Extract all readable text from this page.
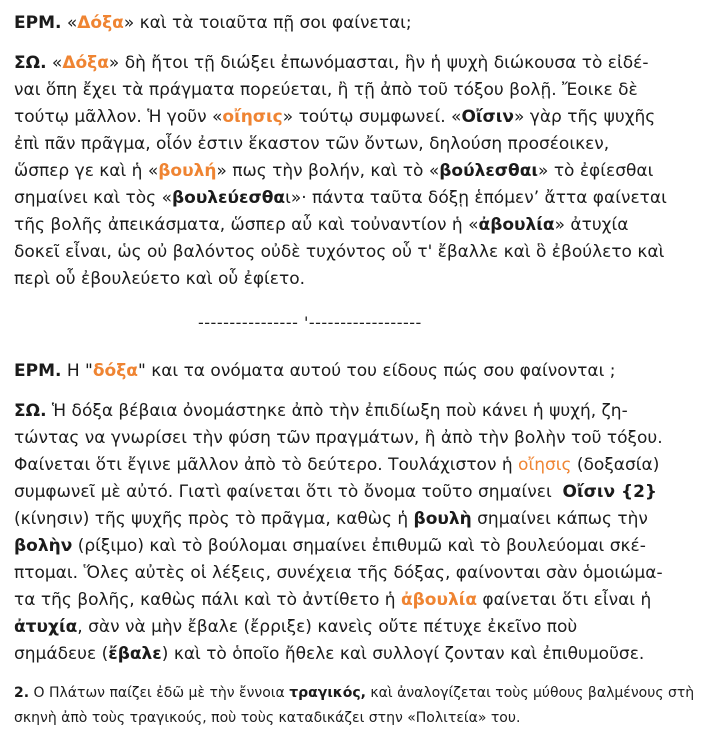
ΕΡΜ. «Δόξα» καὶ τὰ τοιαῦτα πῇ σοι φαίνεται;
ΣΩ. «Δόξα» δὴ ἤτοι τῇ διώξει ἐπωνόμασται, ἣν ἡ ψυχὴ διώκουσα τὸ εἰδέ-
ναι ὅπη ἔχει τὰ πράγματα πορεύεται, ἢ τῇ ἀπὸ τοῦ τόξου βολῇ. Ἔοικε δὲ
τούτῳ μᾶλλον. Ἡ γοῦν «οἴησις» τούτῳ συμφωνεί. «Οἴσιν» γὰρ τῆς ψυχῆς
ἐπὶ πᾶν πρᾶγμα, οἷόν ἐστιν ἕκαστον τῶν ὄντων, δηλούση προσέοικεν,
ὥσπερ γε καὶ ἡ «βουλή» πως τὴν βολήν, καὶ τὸ «βούλεσθαι» τὸ ἐφίεσθαι
σημαίνει καὶ τὸς «βουλεύεσθαι»· πάντα ταῦτα δόξῃ ἑπόμεν’ ἄττα φαίνεται
τῆς βολῆς ἀπεικάσματα, ὥσπερ αὖ καὶ τοὐναντίον ἡ «ἀβουλία» ἀτυχία
δοκεῖ εἶναι, ὡς οὐ βαλόντος οὐδὲ τυχόντος οὗ τ' ἔβαλλε καὶ ὃ ἐβούλετο καὶ
περὶ οὗ ἐβουλεύετο καὶ οὗ ἐφίετο.
---------------- '------------------
ΕΡΜ. Η "δόξα" και τα ονόματα αυτού του είδους πώς σου φαίνονται ;
ΣΩ. Ἡ δόξα βέβαια ὀνομάστηκε ἀπὸ τὴν ἐπιδίωξη ποὺ κάνει ἡ ψυχή, ζη-
τώντας να γνωρίσει τὴν φύση τῶν πραγμάτων, ἢ ἀπὸ τὴν βολὴν τοῦ τόξου.
Φαίνεται ὅτι ἔγινε μᾶλλον ἀπὸ τὸ δεύτερο. Τουλάχιστον ἡ οἴησις (δοξασία)
συμφωνεῖ μὲ αὐτό. Γιατὶ φαίνεται ὅτι τὸ ὄνομα τοῦτο σημαίνει  Οἴσιν {2}
(κίνησιν) τῆς ψυχῆς πρὸς τὸ πρᾶγμα, καθὼς ἡ βουλὴ σημαίνει κάπως τὴν
βολὴν (ρίξιμο) καὶ τὸ βούλομαι σημαίνει ἐπιθυμῶ καὶ τὸ βουλεύομαι σκέ-
πτομαι. Ὅλες αὐτὲς οἱ λέξεις, συνέχεια τῆς δόξας, φαίνονται σὰν ὁμοιώμα-
τα τῆς βολῆς, καθὼς πάλι καὶ τὸ ἀντίθετο ἡ ἀβουλία φαίνεται ὅτι εἶναι ἡ
ἀτυχία, σὰν νὰ μὴν ἔβαλε (ἔρριξε) κανεὶς οὔτε πέτυχε ἐκεῖνο ποὺ
σημάδευε (ἔβαλε) καὶ τὸ ὁποῖο ἤθελε καὶ συλλογί ζονταν καὶ ἐπιθυμοῦσε.
2. Ο Πλάτων παίζει ἐδῶ μὲ τὴν ἔννοια τραγικός, καὶ ἀναλογίζεται τοὺς μύθους βαλμένους στὴ
σκηνὴ ἀπὸ τοὺς τραγικούς, ποὺ τοὺς καταδικάζει στην «Πολιτεία» του.
